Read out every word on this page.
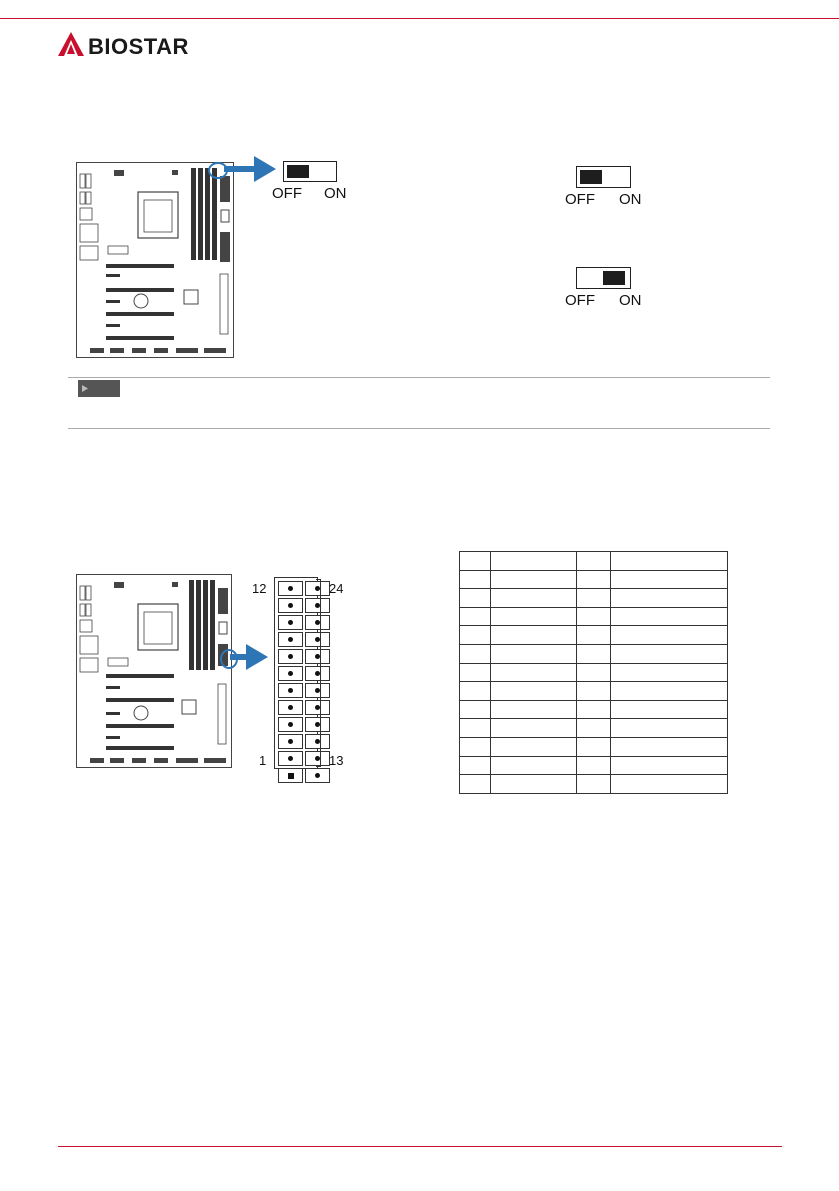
BIOSTAR
OFF ON	OFF ON
OFF ON
12	24
1	13
